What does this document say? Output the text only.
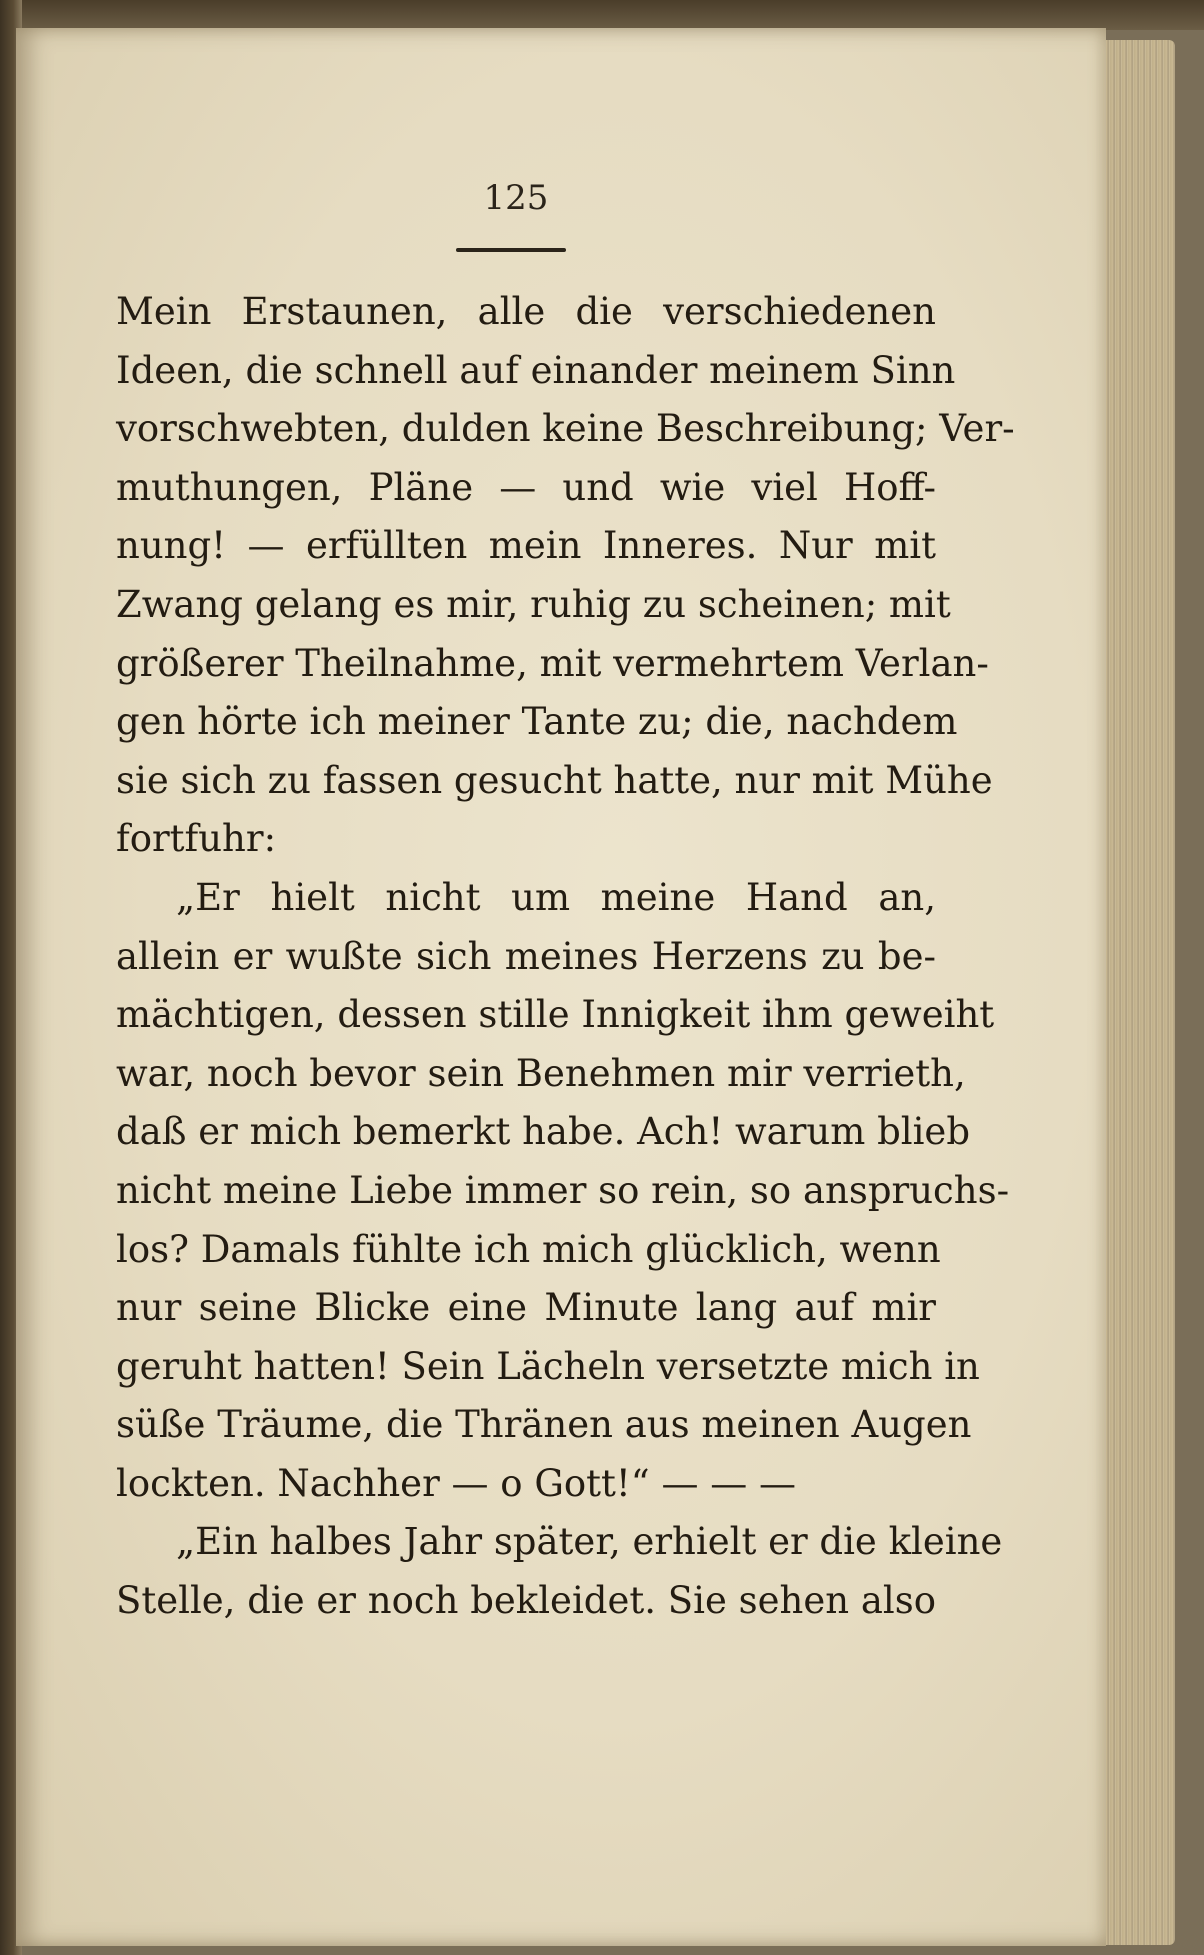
125
Mein Erstaunen, alle die verschiedenen
Ideen, die schnell auf einander meinem Sinn
vorschwebten, dulden keine Beschreibung; Ver-
muthungen, Pläne — und wie viel Hoff-
nung! — erfüllten mein Inneres. Nur mit
Zwang gelang es mir, ruhig zu scheinen; mit
größerer Theilnahme, mit vermehrtem Verlan-
gen hörte ich meiner Tante zu; die, nachdem
sie sich zu fassen gesucht hatte, nur mit Mühe
fortfuhr:
„Er hielt nicht um meine Hand an,
allein er wußte sich meines Herzens zu be-
mächtigen, dessen stille Innigkeit ihm geweiht
war, noch bevor sein Benehmen mir verrieth,
daß er mich bemerkt habe. Ach! warum blieb
nicht meine Liebe immer so rein, so anspruchs-
los? Damals fühlte ich mich glücklich, wenn
nur seine Blicke eine Minute lang auf mir
geruht hatten! Sein Lächeln versetzte mich in
süße Träume, die Thränen aus meinen Augen
lockten. Nachher — o Gott!“ — — —
„Ein halbes Jahr später, erhielt er die kleine
Stelle, die er noch bekleidet. Sie sehen also
